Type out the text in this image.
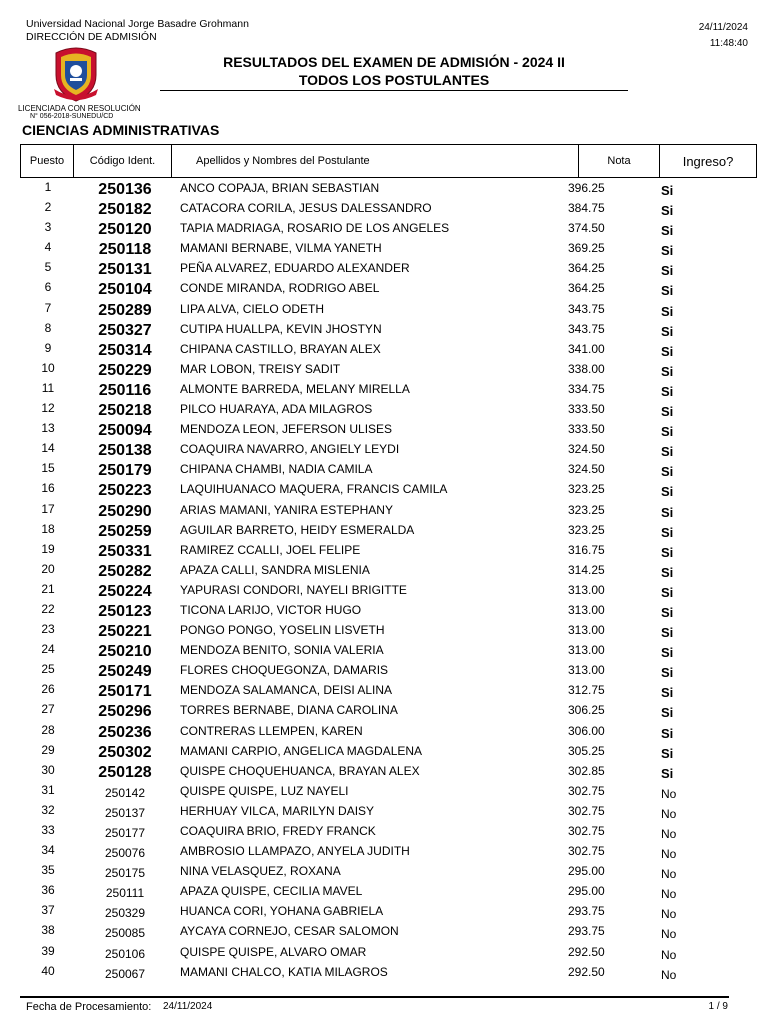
Universidad Nacional Jorge Basadre Grohmann
DIRECCIÓN DE ADMISIÓN
24/11/2024
11:48:40
RESULTADOS DEL EXAMEN DE ADMISIÓN - 2024 II
TODOS LOS POSTULANTES
LICENCIADA CON RESOLUCIÓN
N° 056-2018-SUNEDU/CD
CIENCIAS ADMINISTRATIVAS
Puesto	Código Ident.	Apellidos y Nombres del Postulante	Nota	Ingreso?
1	250136	ANCO COPAJA, BRIAN SEBASTIAN	396.25	Si
2	250182	CATACORA CORILA, JESUS DALESSANDRO	384.75	Si
3	250120	TAPIA MADRIAGA, ROSARIO DE LOS ANGELES	374.50	Si
4	250118	MAMANI BERNABE, VILMA YANETH	369.25	Si
5	250131	PEÑA ALVAREZ, EDUARDO ALEXANDER	364.25	Si
6	250104	CONDE MIRANDA, RODRIGO ABEL	364.25	Si
7	250289	LIPA ALVA, CIELO ODETH	343.75	Si
8	250327	CUTIPA HUALLPA, KEVIN JHOSTYN	343.75	Si
9	250314	CHIPANA CASTILLO, BRAYAN ALEX	341.00	Si
10	250229	MAR LOBON, TREISY SADIT	338.00	Si
11	250116	ALMONTE BARREDA, MELANY MIRELLA	334.75	Si
12	250218	PILCO HUARAYA, ADA MILAGROS	333.50	Si
13	250094	MENDOZA LEON, JEFERSON ULISES	333.50	Si
14	250138	COAQUIRA NAVARRO, ANGIELY LEYDI	324.50	Si
15	250179	CHIPANA CHAMBI, NADIA CAMILA	324.50	Si
16	250223	LAQUIHUANACO MAQUERA, FRANCIS CAMILA	323.25	Si
17	250290	ARIAS MAMANI, YANIRA ESTEPHANY	323.25	Si
18	250259	AGUILAR BARRETO, HEIDY ESMERALDA	323.25	Si
19	250331	RAMIREZ CCALLI, JOEL FELIPE	316.75	Si
20	250282	APAZA CALLI, SANDRA MISLENIA	314.25	Si
21	250224	YAPURASI CONDORI, NAYELI BRIGITTE	313.00	Si
22	250123	TICONA LARIJO, VICTOR HUGO	313.00	Si
23	250221	PONGO PONGO, YOSELIN LISVETH	313.00	Si
24	250210	MENDOZA BENITO, SONIA VALERIA	313.00	Si
25	250249	FLORES CHOQUEGONZA, DAMARIS	313.00	Si
26	250171	MENDOZA SALAMANCA, DEISI ALINA	312.75	Si
27	250296	TORRES BERNABE, DIANA CAROLINA	306.25	Si
28	250236	CONTRERAS LLEMPEN, KAREN	306.00	Si
29	250302	MAMANI CARPIO, ANGELICA MAGDALENA	305.25	Si
30	250128	QUISPE CHOQUEHUANCA, BRAYAN ALEX	302.85	Si
31	250142	QUISPE QUISPE, LUZ NAYELI	302.75	No
32	250137	HERHUAY VILCA, MARILYN DAISY	302.75	No
33	250177	COAQUIRA BRIO, FREDY FRANCK	302.75	No
34	250076	AMBROSIO LLAMPAZO, ANYELA JUDITH	302.75	No
35	250175	NINA VELASQUEZ, ROXANA	295.00	No
36	250111	APAZA QUISPE, CECILIA MAVEL	295.00	No
37	250329	HUANCA CORI, YOHANA GABRIELA	293.75	No
38	250085	AYCAYA CORNEJO, CESAR SALOMON	293.75	No
39	250106	QUISPE QUISPE, ALVARO OMAR	292.50	No
40	250067	MAMANI CHALCO, KATIA MILAGROS	292.50	No
Fecha de Procesamiento: 24/11/2024	1 / 9
